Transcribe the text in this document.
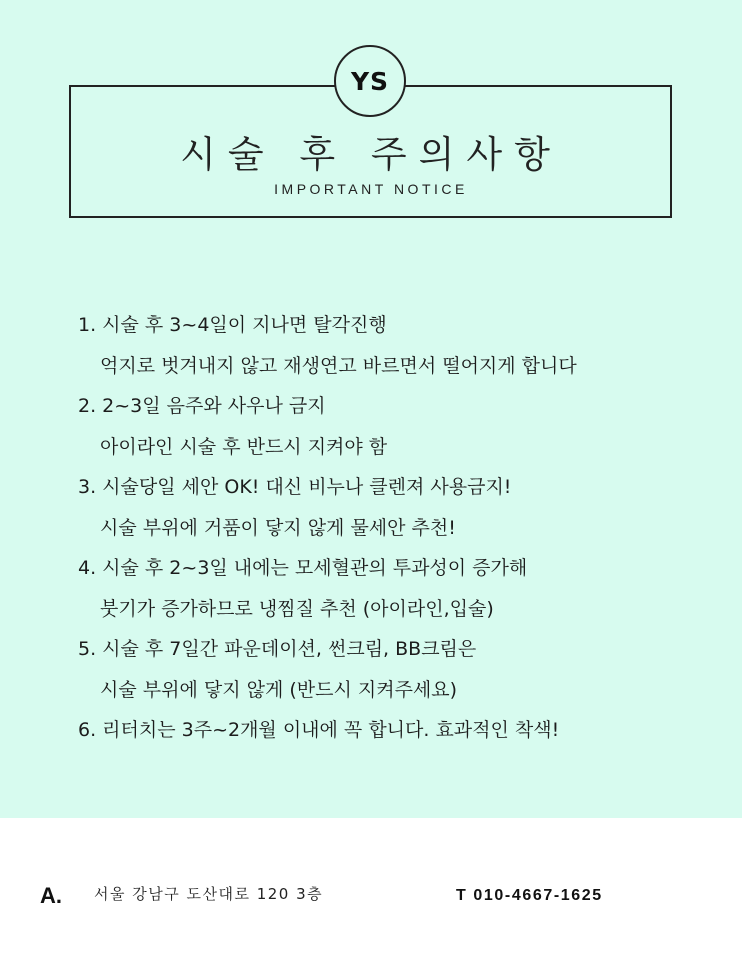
YS
시술 후 주의사항
IMPORTANT NOTICE
1. 시술 후 3~4일이 지나면 탈각진행
억지로 벗겨내지 않고 재생연고 바르면서 떨어지게 합니다
2. 2~3일 음주와 사우나 금지
아이라인 시술 후 반드시 지켜야 함
3. 시술당일 세안 OK! 대신 비누나 클렌져 사용금지!
시술 부위에 거품이 닿지 않게 물세안 추천!
4. 시술 후 2~3일 내에는 모세혈관의 투과성이 증가해
붓기가 증가하므로 냉찜질 추천 (아이라인,입술)
5. 시술 후 7일간 파운데이션, 썬크림, BB크림은
시술 부위에 닿지 않게 (반드시 지켜주세요)
6. 리터치는 3주~2개월 이내에 꼭 합니다. 효과적인 착색!
A. 서울 강남구 도산대로 120 3층	T 010-4667-1625
